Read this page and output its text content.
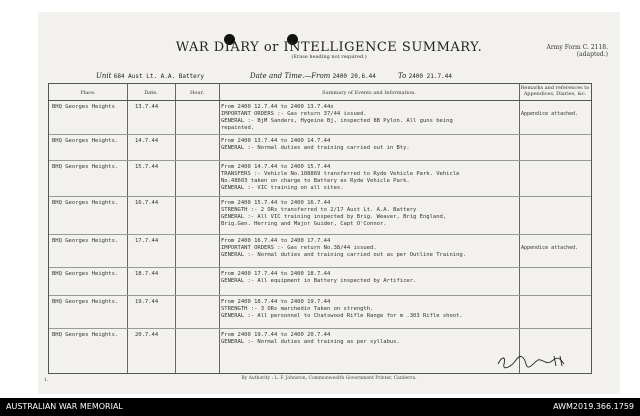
WAR DIARY or INTELLIGENCE SUMMARY.
(Erase heading not required.)
Army Form C. 2118.
(adapted.)
Unit 684 Aust Lt. A.A. Battery	Date and Time.—From 2400 20.6.44	To 2400 21.7.44
Place.	Date.	Hour.	Summary of Events and Information.
Remarks and references to Appendices, Diaries, &c.
BHQ Georges Heights	13.7.44	From 2400 12.7.44 to 2400 13.7.44x
IMPORTANT ORDERS :- Gas return 37/44 issued.
GENERAL :- BjM Sanders, Hygeine Bj, inspected 8B Pylon. All guns being
repainted.
Appendice attached.
BHQ Georges Heights.	14.7.44	From 2400 13.7.44 to 2400 14.7.44
GENERAL :- Normal duties and training carried out in Bty.
BHQ Georges Heights.	15.7.44	From 2400 14.7.44 to 2400 15.7.44
TRANSFERS :- Vehicle No.108869 transferred to Ryde Vehicle Park. Vehicle
No.48603 taken on charge to Battery ex Ryde Vehicle Park.
GENERAL :- VIC training on all sites.
BHQ Georges Heights.	16.7.44	From 2400 15.7.44 to 2400 16.7.44
STRENGTH :- 2 ORs transferred to 2/17 Aust Lt. A.A. Battery
GENERAL :- All VIC training inspected by Brig. Weaver, Brig England,
Brig.Gen. Herring and Major Guider, Capt O'Connor.
BHQ Georges Heights.	17.7.44	From 2400 16.7.44 to 2400 17.7.44
IMPORTANT ORDERS :- Gas return No.38/44 issued.
GENERAL :- Normal duties and training carried out as per Outline Training.
Appendice attached.
BHQ Georges Heights.	18.7.44	From 2400 17.7.44 to 2400 18.7.44
GENERAL :- All equipment in Battery inspected by Artificer.
BHQ Georges Heights.	19.7.44	From 2400 18.7.44 to 2400 19.7.44
STRENGTH :- 3 ORs marchedin Taken on strength.
GENERAL :- All personnel to Chatswood Rifle Range for m .303 Rifle shoot.
BHQ Georges Heights.	20.7.44	From 2400 19.7.44 to 2400 20.7.44
GENERAL :- Normal duties and training as per syllabus.

1.	By Authority : L. F. Johnston, Commonwealth Government Printer, Canberra.
AUSTRALIAN WAR MEMORIAL	AWM2019.366.1759
